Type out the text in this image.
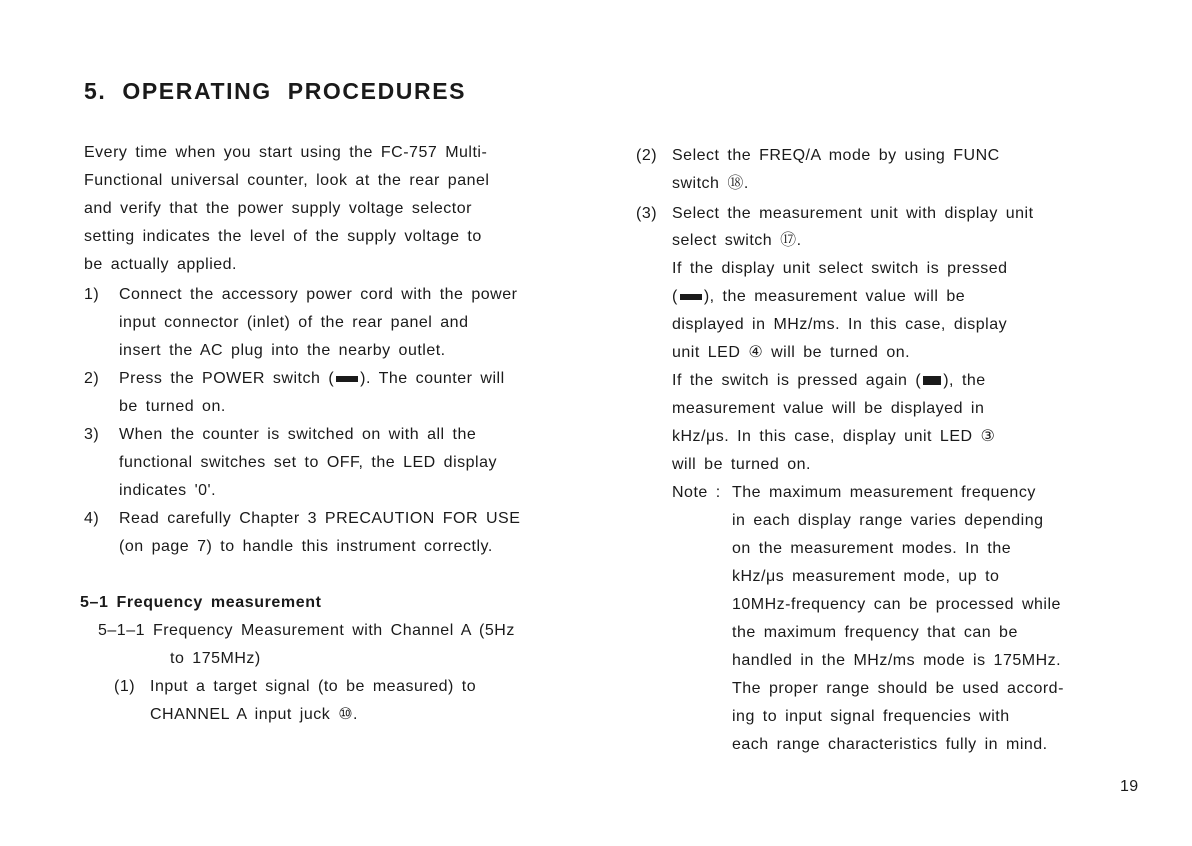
5. OPERATING PROCEDURES
Every time when you start using the FC-757 Multi-
Functional universal counter, look at the rear panel
and verify that the power supply voltage selector
setting indicates the level of the supply voltage to
be actually applied.
1) Connect the accessory power cord with the power
input connector (inlet) of the rear panel and
insert the AC plug into the nearby outlet.
2) Press the POWER switch ( ). The counter will
be turned on.
3) When the counter is switched on with all the
functional switches set to OFF, the LED display
indicates '0'.
4) Read carefully Chapter 3 PRECAUTION FOR USE
(on page 7) to handle this instrument correctly.
5–1 Frequency measurement
5–1–1 Frequency Measurement with Channel A (5Hz
to 175MHz)
(1) Input a target signal (to be measured) to
CHANNEL A input juck ⑩.
(2) Select the FREQ/A mode by using FUNC
switch ⑱.
(3) Select the measurement unit with display unit
select switch ⑰.
If the display unit select switch is pressed
( ), the measurement value will be
displayed in MHz/ms. In this case, display
unit LED ④ will be turned on.
If the switch is pressed again ( ), the
measurement value will be displayed in
kHz/μs. In this case, display unit LED ③
will be turned on.
Note : The maximum measurement frequency
in each display range varies depending
on the measurement modes. In the
kHz/μs measurement mode, up to
10MHz-frequency can be processed while
the maximum frequency that can be
handled in the MHz/ms mode is 175MHz.
The proper range should be used accord-
ing to input signal frequencies with
each range characteristics fully in mind.
19
